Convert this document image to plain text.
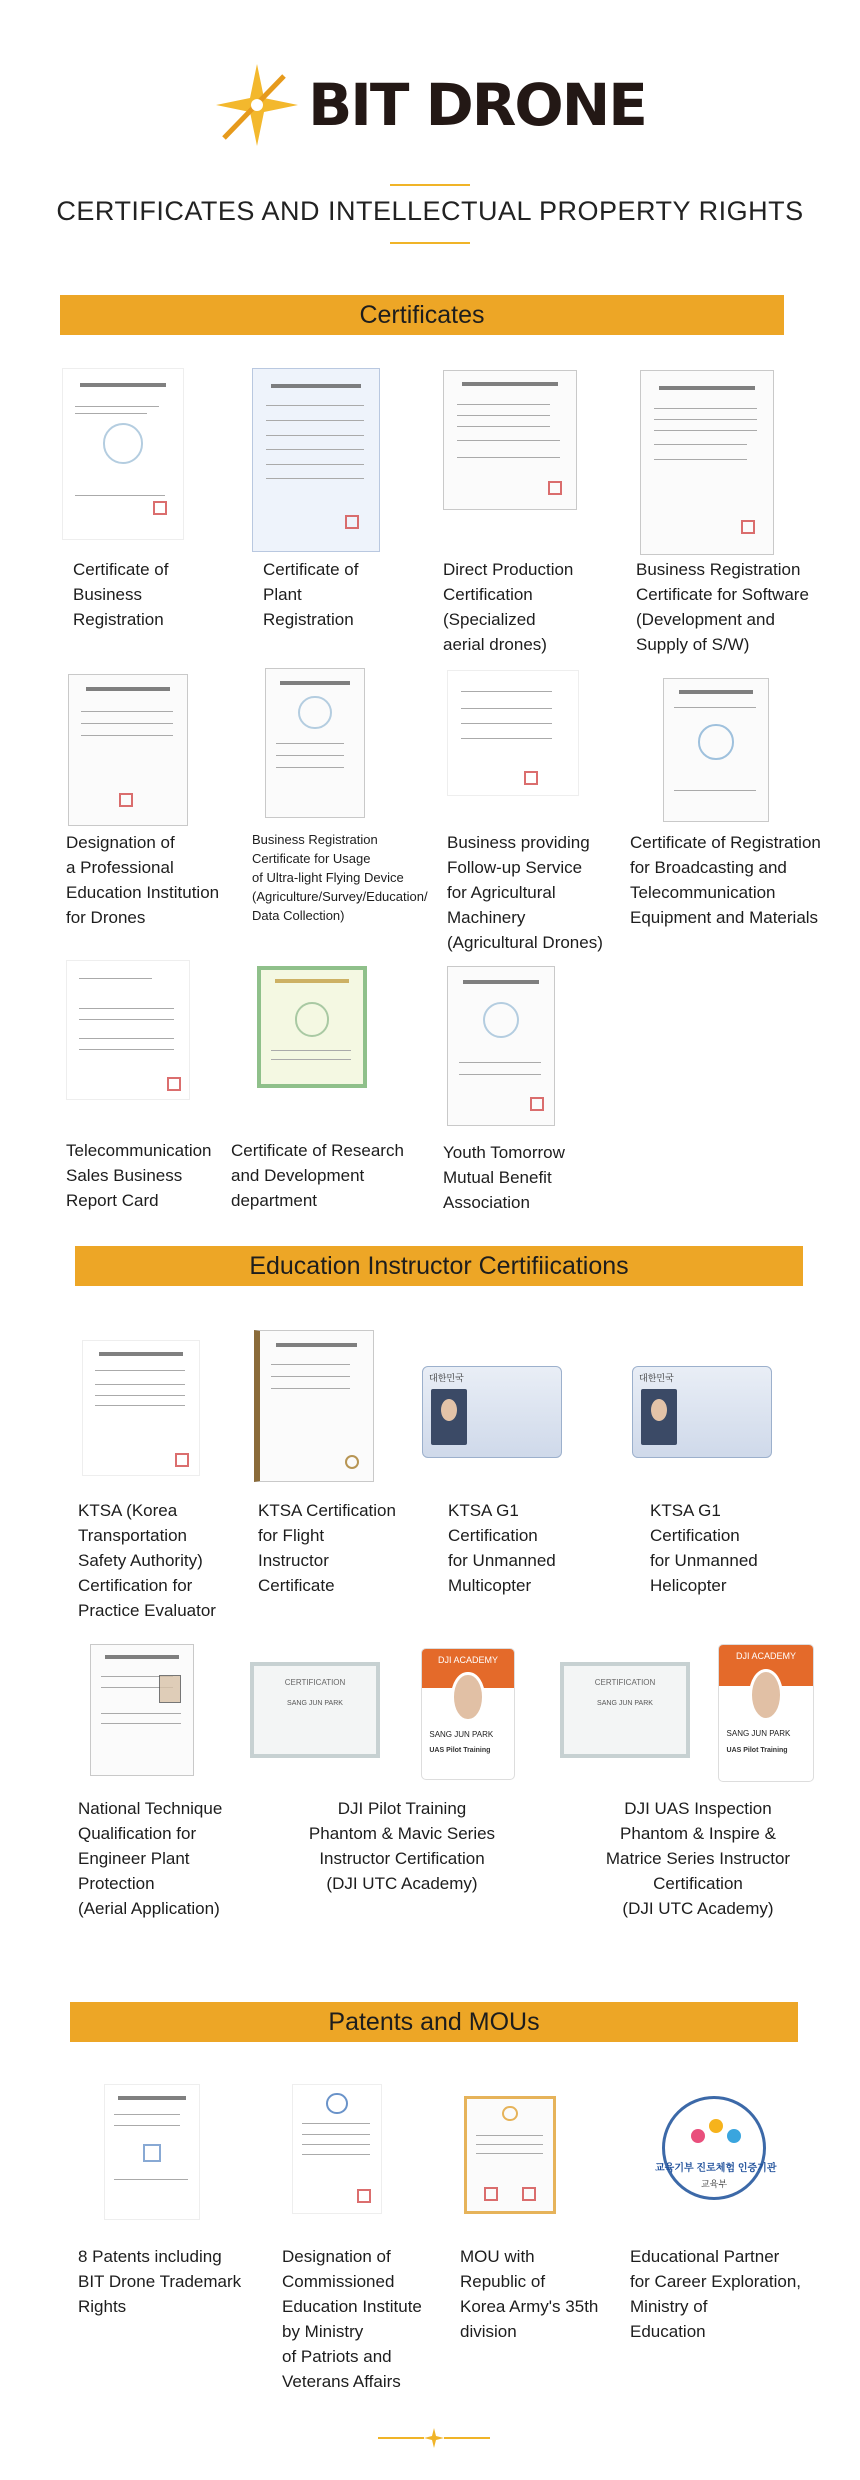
BIT DRONE
CERTIFICATES AND INTELLECTUAL PROPERTY RIGHTS
Certificates
Certificate of
Business
Registration
Certificate of
Plant
Registration
Direct Production
Certification
(Specialized
aerial drones)
Business Registration
Certificate for Software
(Development and
Supply of S/W)
Designation of
a Professional
Education Institution
for Drones
Business Registration
Certificate for Usage
of Ultra-light Flying Device
(Agriculture/Survey/Education/
Data Collection)
Business providing
Follow-up Service
for Agricultural
Machinery
(Agricultural Drones)
Certificate of Registration
for Broadcasting and
Telecommunication
Equipment and Materials
Telecommunication
Sales Business
Report Card
Certificate of Research
and Development
department
Youth Tomorrow
Mutual Benefit
Association
Education Instructor Certifiications
대한민국	대한민국
KTSA (Korea
Transportation
Safety Authority)
Certification for
Practice Evaluator
KTSA Certification
for Flight
Instructor
Certificate
KTSA G1
Certification
for Unmanned
Multicopter
KTSA G1
Certification
for Unmanned
Helicopter
CERTIFICATION
SANG JUN PARK
DJI ACADEMY
SANG JUN PARK
UAS Pilot Training
CERTIFICATION
SANG JUN PARK
DJI ACADEMY
SANG JUN PARK
UAS Pilot Training
National Technique
Qualification for
Engineer Plant
Protection
(Aerial Application)
DJI Pilot Training
Phantom & Mavic Series
Instructor Certification
(DJI UTC Academy)
DJI UAS Inspection
Phantom & Inspire &
Matrice Series Instructor
Certification
(DJI UTC Academy)
Patents and MOUs
교육기부 진로체험 인증기관
교육부
8 Patents including
BIT Drone Trademark
Rights
Designation of
Commissioned
Education Institute
by Ministry
of Patriots and
Veterans Affairs
MOU with
Republic of
Korea Army's 35th
division
Educational Partner
for Career Exploration,
Ministry of
Education
